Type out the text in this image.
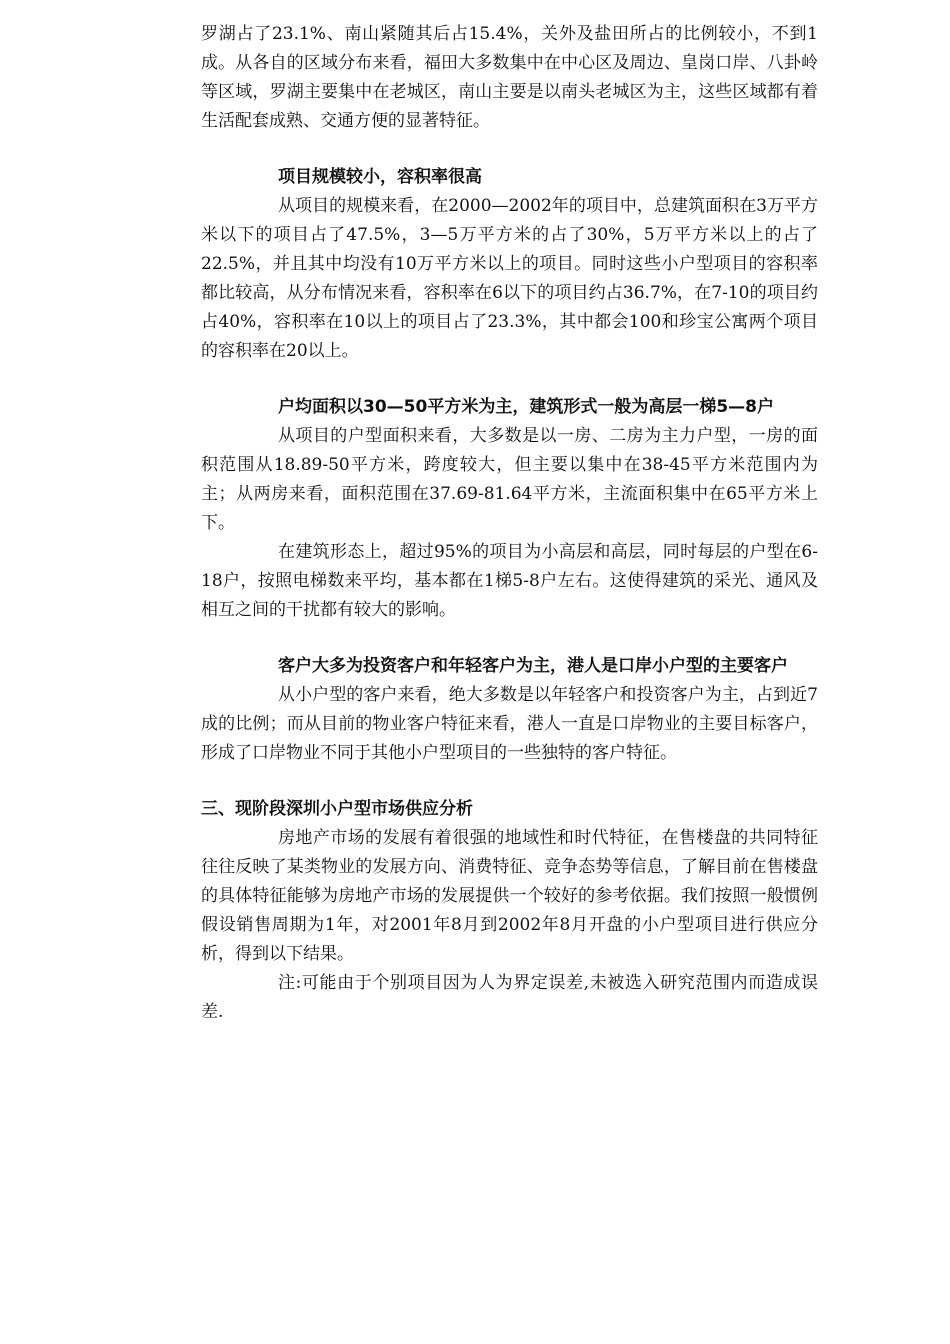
罗湖占了23.1%、南山紧随其后占15.4%，关外及盐田所占的比例较小，不到1成。从各自的区域分布来看，福田大多数集中在中心区及周边、皇岗口岸、八卦岭等区域，罗湖主要集中在老城区，南山主要是以南头老城区为主，这些区域都有着生活配套成熟、交通方便的显著特征。

项目规模较小，容积率很高

从项目的规模来看，在2000—2002年的项目中，总建筑面积在3万平方米以下的项目占了47.5%，3—5万平方米的占了30%，5万平方米以上的占了22.5%，并且其中均没有10万平方米以上的项目。同时这些小户型项目的容积率都比较高，从分布情况来看，容积率在6以下的项目约占36.7%，在7-10的项目约占40%，容积率在10以上的项目占了23.3%，其中都会100和珍宝公寓两个项目的容积率在20以上。

户均面积以30—50平方米为主，建筑形式一般为高层一梯5—8户

从项目的户型面积来看，大多数是以一房、二房为主力户型，一房的面积范围从18.89-50平方米，跨度较大，但主要以集中在38-45平方米范围内为主；从两房来看，面积范围在37.69-81.64平方米，主流面积集中在65平方米上下。

在建筑形态上，超过95%的项目为小高层和高层，同时每层的户型在6-18户，按照电梯数来平均，基本都在1梯5-8户左右。这使得建筑的采光、通风及相互之间的干扰都有较大的影响。

客户大多为投资客户和年轻客户为主，港人是口岸小户型的主要客户

从小户型的客户来看，绝大多数是以年轻客户和投资客户为主，占到近7成的比例；而从目前的物业客户特征来看，港人一直是口岸物业的主要目标客户，形成了口岸物业不同于其他小户型项目的一些独特的客户特征。

三、现阶段深圳小户型市场供应分析

房地产市场的发展有着很强的地域性和时代特征，在售楼盘的共同特征往往反映了某类物业的发展方向、消费特征、竞争态势等信息，了解目前在售楼盘的具体特征能够为房地产市场的发展提供一个较好的参考依据。我们按照一般惯例假设销售周期为1年，对2001年8月到2002年8月开盘的小户型项目进行供应分析，得到以下结果。

注:可能由于个别项目因为人为界定误差,未被选入研究范围内而造成误差.
